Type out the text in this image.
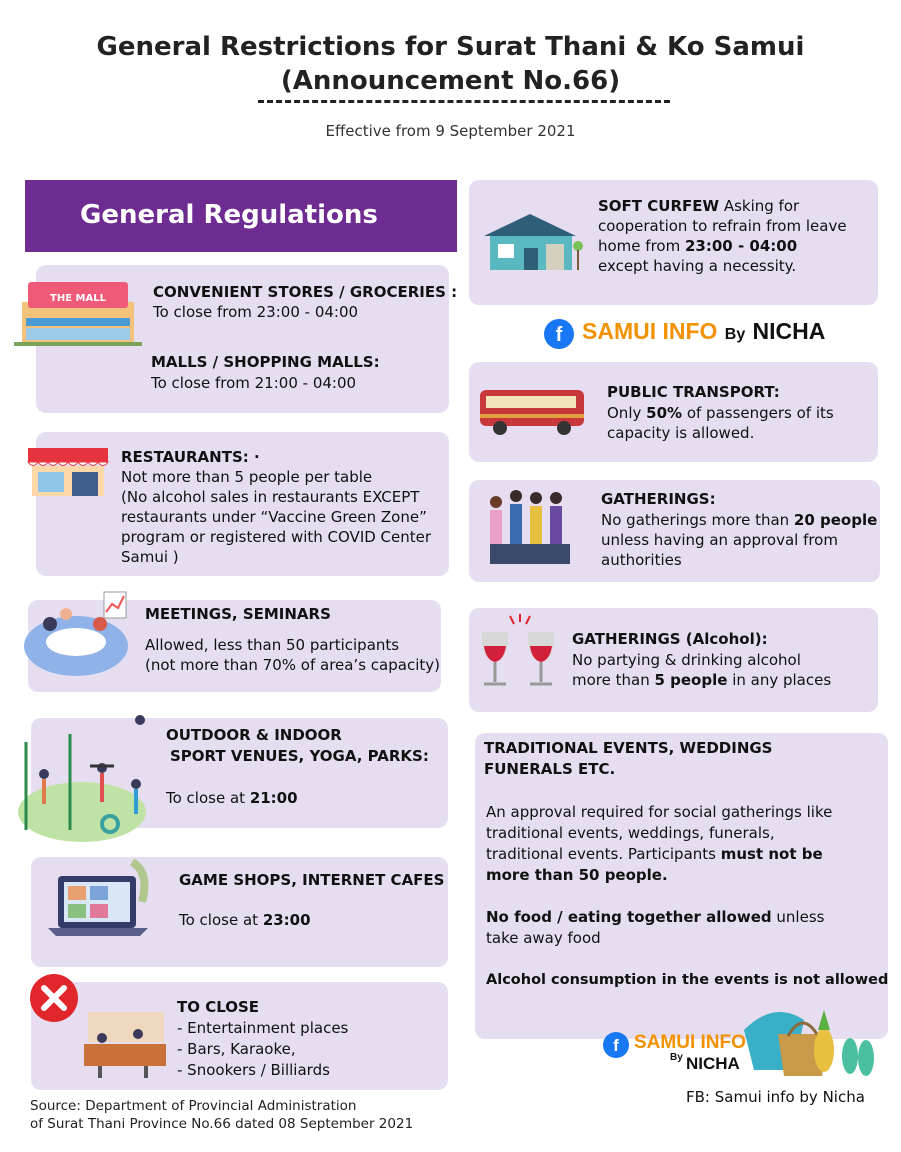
General Restrictions for Surat Thani & Ko Samui
(Announcement No.66)
Effective from 9 September 2021
General Regulations
THE MALL	CONVENIENT STORES / GROCERIES :
To close from 23:00 - 04:00
MALLS / SHOPPING MALLS:
To close from 21:00 - 04:00
RESTAURANTS: ·
Not more than 5 people per table
(No alcohol sales in restaurants EXCEPT
restaurants under “Vaccine Green Zone”
program or registered with COVID Center
Samui )
MEETINGS, SEMINARS
Allowed, less than 50 participants
(not more than 70% of area’s capacity)
OUTDOOR & INDOOR
SPORT VENUES, YOGA, PARKS:
To close at 21:00
GAME SHOPS, INTERNET CAFES
To close at 23:00
TO CLOSE
- Entertainment places
- Bars, Karaoke,
- Snookers / Billiards
SOFT CURFEW Asking for
cooperation to refrain from leave
home from 23:00 - 04:00
except having a necessity.
f SAMUI INFO By NICHA
PUBLIC TRANSPORT:
Only 50% of passengers of its
capacity is allowed.
GATHERINGS:
No gatherings more than 20 people
unless having an approval from
authorities
GATHERINGS (Alcohol):
No partying & drinking alcohol
more than 5 people in any places
TRADITIONAL EVENTS, WEDDINGS
FUNERALS ETC.
An approval required for social gatherings like
traditional events, weddings, funerals,
traditional events. Participants must not be
more than 50 people.
No food / eating together allowed unless
take away food
Alcohol consumption in the events is not allowed
f SAMUI INFO
By NICHA
FB: Samui info by Nicha
Source: Department of Provincial Administration
of Surat Thani Province No.66 dated 08 September 2021
